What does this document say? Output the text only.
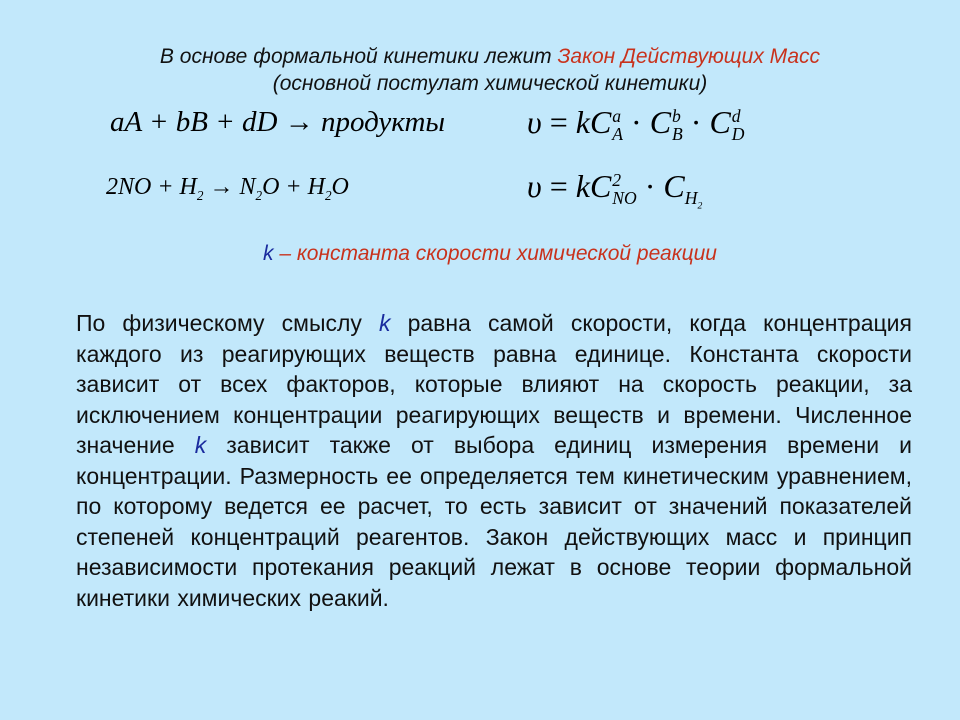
В основе формальной кинетики лежит Закон Действующих Масс
(основной постулат химической кинетики)
aA + bB + dD → продукты	υ = kC a
A · C b
B · C d
D
$2NO + H_2 \to N_2O + H_2O$	υ = kC 2
NO · $C_{H_2}$
k – константа скорости химической реакции
По физическому смыслу k равна самой скорости, когда концентрация каждого из реагирующих веществ равна единице. Константа скорости зависит от всех факторов, которые влияют на скорость реакции, за исключением концентрации реагирующих веществ и времени. Численное значение k зависит также от выбора единиц измерения времени и концентрации. Размерность ее определяется тем кинетическим уравнением, по которому ведется ее расчет, то есть зависит от значений показателей степеней концентраций реагентов. Закон действующих масс и принцип независимости протекания реакций лежат в основе теории формальной кинетики химических реакий.
